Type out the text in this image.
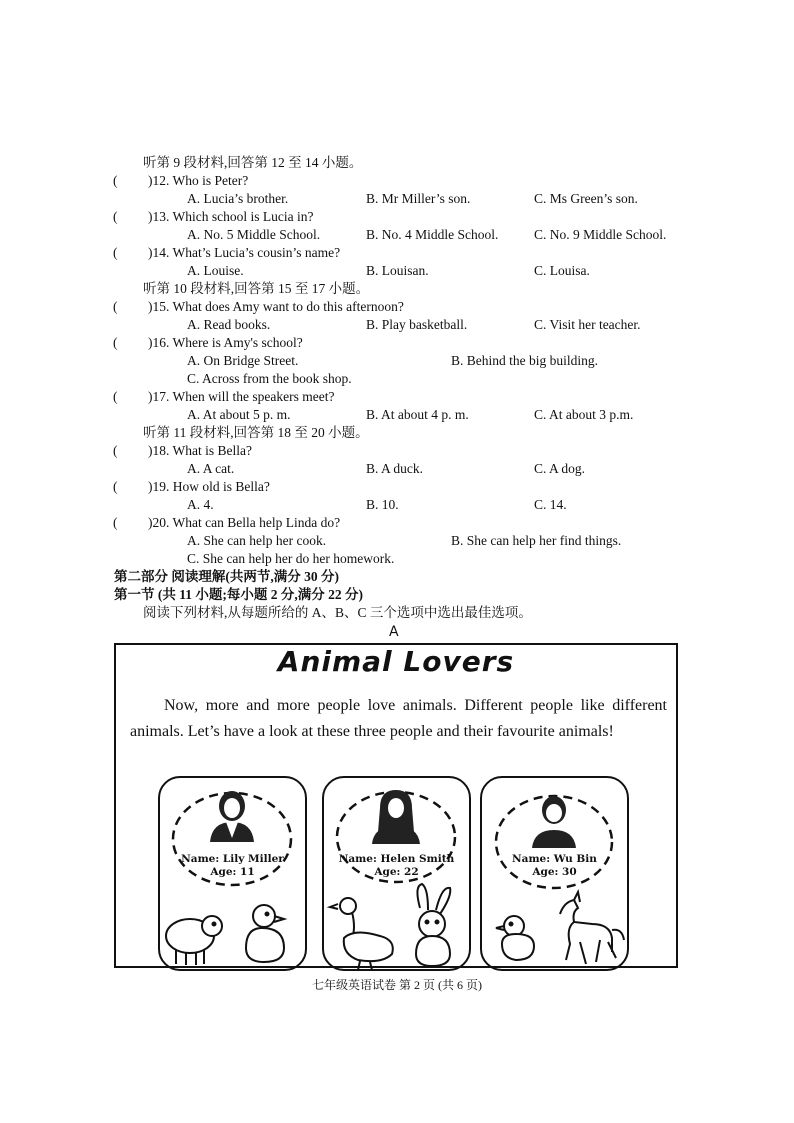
听第 9 段材料,回答第 12 至 14 小题。
( )12. Who is Peter?
A. Lucia’s brother.	B. Mr Miller’s son.	C. Ms Green’s son.
( )13. Which school is Lucia in?
A. No. 5 Middle School.	B. No. 4 Middle School.	C. No. 9 Middle School.
( )14. What’s Lucia’s cousin’s name?
A. Louise.	B. Louisan.	C. Louisa.
听第 10 段材料,回答第 15 至 17 小题。
( )15. What does Amy want to do this afternoon?
A. Read books.	B. Play basketball.	C. Visit her teacher.
( )16. Where is Amy's school?
A. On Bridge Street.	B. Behind the big building.
C. Across from the book shop.
( )17. When will the speakers meet?
A. At about 5 p. m.	B. At about 4 p. m.	C. At about 3 p.m.
听第 11 段材料,回答第 18 至 20 小题。
( )18. What is Bella?
A. A cat.	B. A duck.	C. A dog.
( )19. How old is Bella?
A. 4.	B. 10.	C. 14.
( )20. What can Bella help Linda do?
A. She can help her cook.	B. She can help her find things.
C. She can help her do her homework.
第二部分 阅读理解(共两节,满分 30 分)
第一节 (共 11 小题;每小题 2 分,满分 22 分)
阅读下列材料,从每题所给的 A、B、C 三个选项中选出最佳选项。
A
Animal Lovers
Now, more and more people love animals. Different people like different animals. Let’s have a look at these three people and their favourite animals!
Name: Lily Miller
Age: 11
Name: Helen Smith
Age: 22
Name: Wu Bin
Age: 30
七年级英语试卷 第 2 页 (共 6 页)
